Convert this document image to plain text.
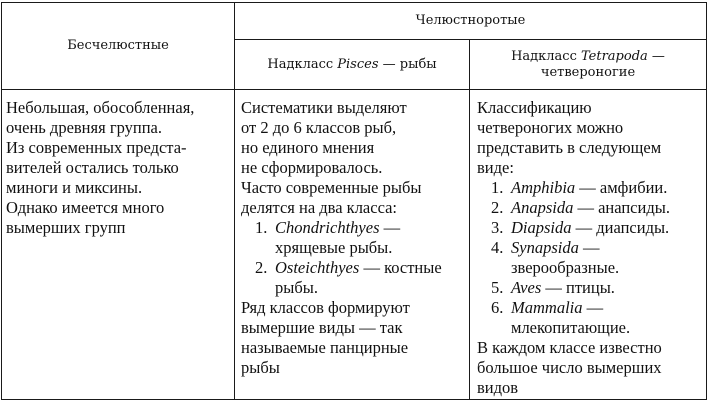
Бесчелюстные
Челюстноротые
Надкласс Pisces — рыбы
Надкласс Tetrapoda —
четвероногие

Небольшая, обособленная,

очень древняя группа.

Из современных предста-

вителей остались только

миноги и миксины.

Однако имеется много

вымерших групп

Систематики выделяют

от 2 до 6 классов рыб,

но единого мнения

не сформировалось.

Часто современные рыбы

делятся на два класса:

1. Chondrichthyes —
хрящевые рыбы.
2. Osteichthyes — костные
рыбы.

Ряд классов формируют

вымершие виды — так

называемые панцирные

рыбы

Классификацию

четвероногих можно

представить в следующем

виде:

1. Amphibia — амфибии.
2. Anapsida — анапсиды.
3. Diapsida — диапсиды.
4. Synapsida —
зверообразные.
5. Aves — птицы.
6. Mammalia —
млекопитающие.

В каждом классе известно

большое число вымерших

видов
